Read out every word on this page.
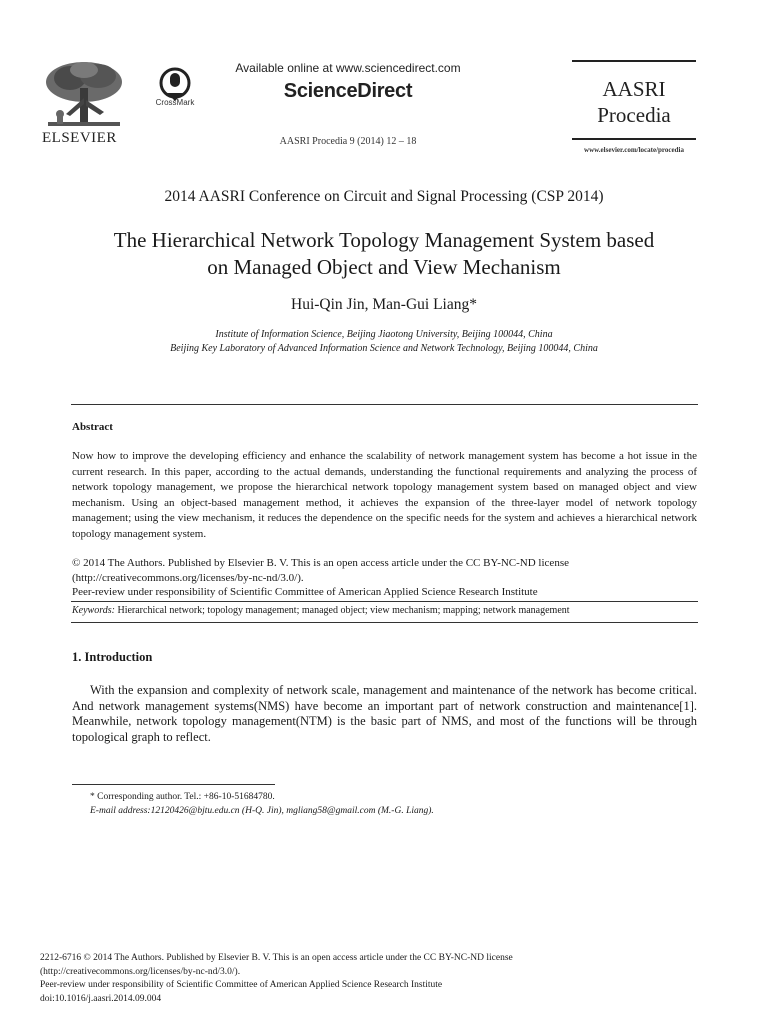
ELSEVIER
CrossMark
Available online at www.sciencedirect.com
ScienceDirect
AASRI Procedia 9 (2014) 12 – 18
AASRI
Procedia
www.elsevier.com/locate/procedia
2014 AASRI Conference on Circuit and Signal Processing (CSP 2014)
The Hierarchical Network Topology Management System based
on Managed Object and View Mechanism
Hui-Qin Jin, Man-Gui Liang*
Institute of Information Science, Beijing Jiaotong University, Beijing 100044, China
Beijing Key Laboratory of Advanced Information Science and Network Technology, Beijing 100044, China
Abstract
Now how to improve the developing efficiency and enhance the scalability of network management system has become a hot issue in the current research. In this paper, according to the actual demands, understanding the functional requirements and analyzing the process of network topology management, we propose the hierarchical network topology management system based on managed object and view mechanism. Using an object-based management method, it achieves the expansion of the three-layer model of network topology management; using the view mechanism, it reduces the dependence on the specific needs for the system and achieves a hierarchical network topology management system.
© 2014 The Authors. Published by Elsevier B. V. This is an open access article under the CC BY-NC-ND license
(http://creativecommons.org/licenses/by-nc-nd/3.0/).
Peer-review under responsibility of Scientific Committee of American Applied Science Research Institute
Keywords: Hierarchical network; topology management; managed object; view mechanism; mapping; network management
1. Introduction
With the expansion and complexity of network scale, management and maintenance of the network has become critical. And network management systems(NMS) have become an important part of network construction and maintenance[1]. Meanwhile, network topology management(NTM) is the basic part of NMS, and most of the functions will be through topological graph to reflect.
* Corresponding author. Tel.: +86-10-51684780.
E-mail address:12120426@bjtu.edu.cn (H-Q. Jin), mgliang58@gmail.com (M.-G. Liang).
2212-6716 © 2014 The Authors. Published by Elsevier B. V. This is an open access article under the CC BY-NC-ND license
(http://creativecommons.org/licenses/by-nc-nd/3.0/).
Peer-review under responsibility of Scientific Committee of American Applied Science Research Institute
doi:10.1016/j.aasri.2014.09.004
